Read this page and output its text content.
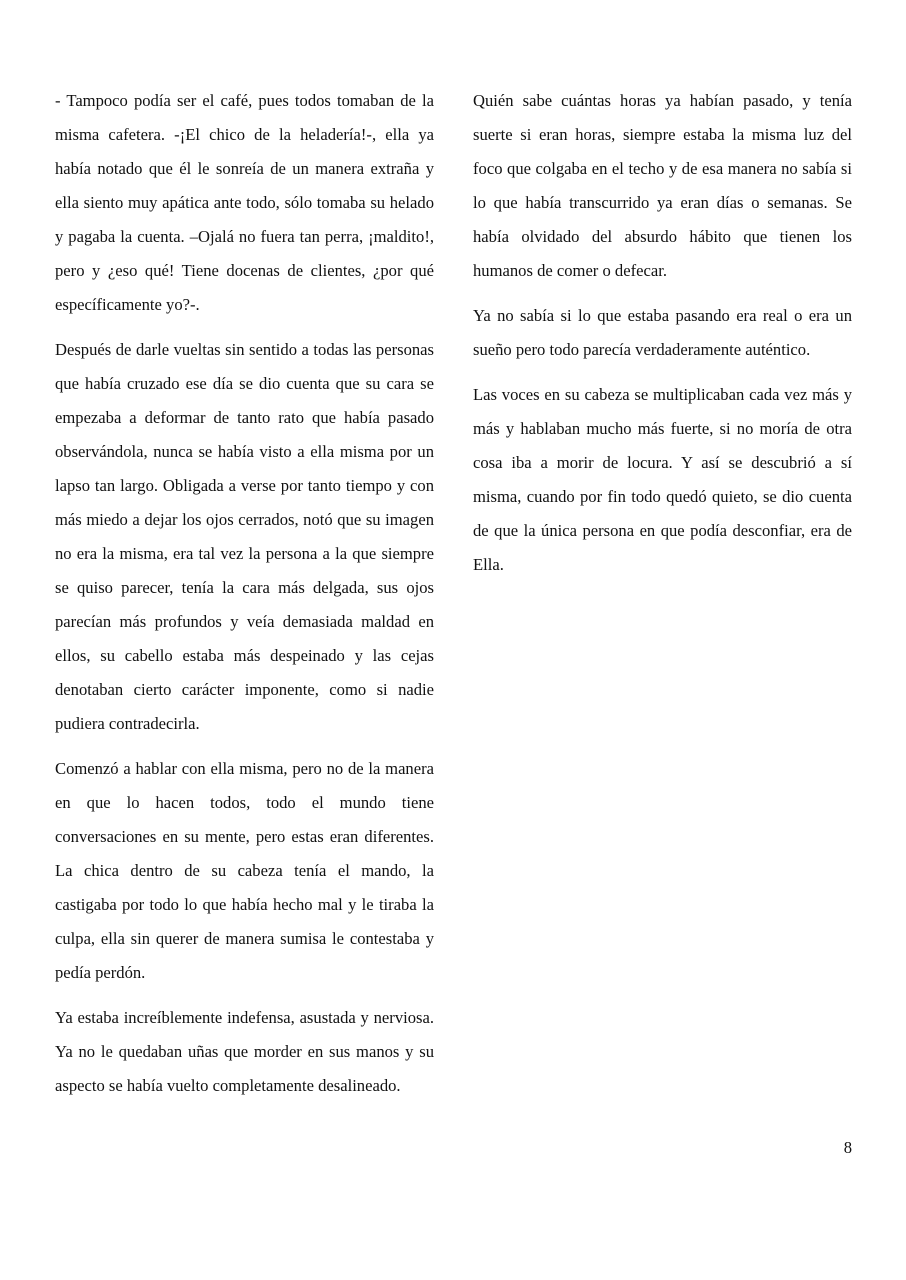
- Tampoco podía ser el café, pues todos tomaban de la misma cafetera. -¡El chico de la heladería!-, ella ya había notado que él le sonreía de un manera extraña y ella siento muy apática ante todo, sólo tomaba su helado y pagaba la cuenta. –Ojalá no fuera tan perra, ¡maldito!, pero y ¿eso qué! Tiene docenas de clientes, ¿por qué específicamente yo?-.

Después de darle vueltas sin sentido a todas las personas que había cruzado ese día se dio cuenta que su cara se empezaba a deformar de tanto rato que había pasado observándola, nunca se había visto a ella misma por un lapso tan largo. Obligada a verse por tanto tiempo y con más miedo a dejar los ojos cerrados, notó que su imagen no era la misma, era tal vez la persona a la que siempre se quiso parecer, tenía la cara más delgada, sus ojos parecían más profundos y veía demasiada maldad en ellos, su cabello estaba más despeinado y las cejas denotaban cierto carácter imponente, como si nadie pudiera contradecirla.

Comenzó a hablar con ella misma, pero no de la manera en que lo hacen todos, todo el mundo tiene conversaciones en su mente, pero estas eran diferentes. La chica dentro de su cabeza tenía el mando, la castigaba por todo lo que había hecho mal y le tiraba la culpa, ella sin querer de manera sumisa le contestaba y pedía perdón.

Ya estaba increíblemente indefensa, asustada y nerviosa. Ya no le quedaban uñas que morder en sus manos y su aspecto se había vuelto completamente desalineado.

Quién sabe cuántas horas ya habían pasado, y tenía suerte si eran horas, siempre estaba la misma luz del foco que colgaba en el techo y de esa manera no sabía si lo que había transcurrido ya eran días o semanas. Se había olvidado del absurdo hábito que tienen los humanos de comer o defecar.

Ya no sabía si lo que estaba pasando era real o era un sueño pero todo parecía verdaderamente auténtico.

Las voces en su cabeza se multiplicaban cada vez más y más y hablaban mucho más fuerte, si no moría de otra cosa iba a morir de locura. Y así se descubrió a sí misma, cuando por fin todo quedó quieto, se dio cuenta de que la única persona en que podía desconfiar, era de Ella.

8
